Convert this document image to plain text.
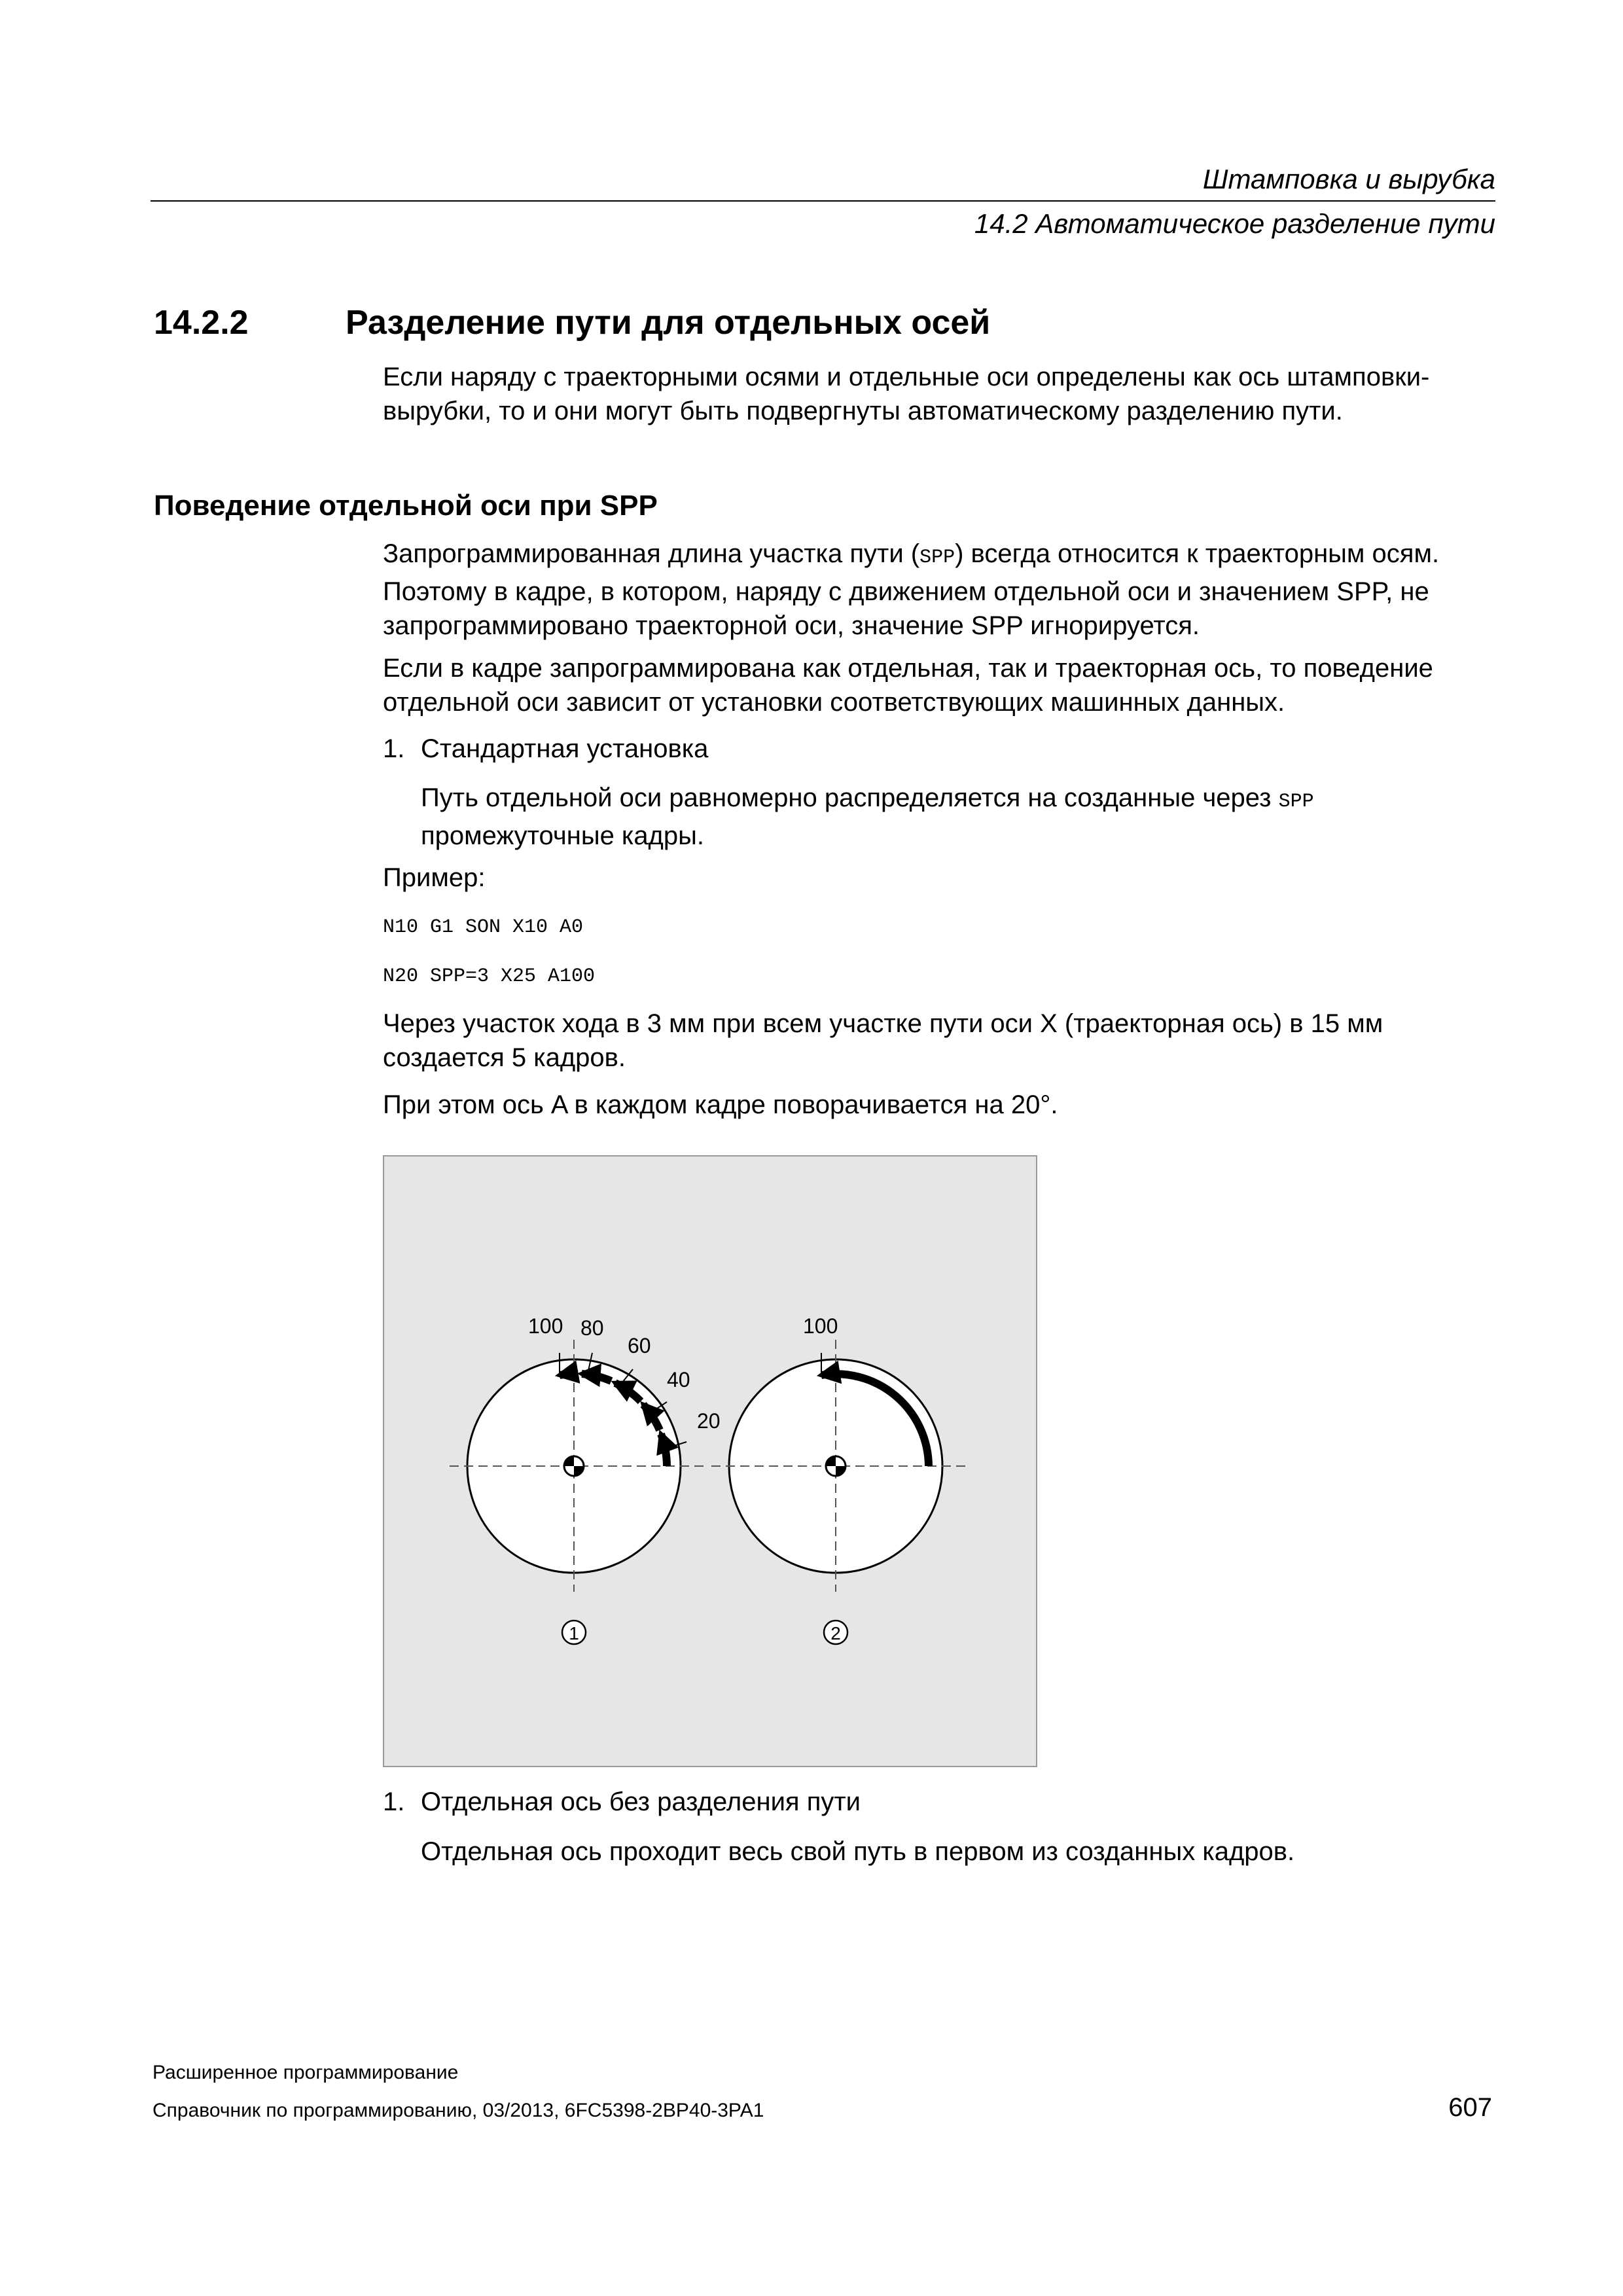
Штамповка и вырубка
14.2 Автоматическое разделение пути
14.2.2	Разделение пути для отдельных осей
Если наряду с траекторными осями и отдельные оси определены как ось штамповки-
вырубки, то и они могут быть подвергнуты автоматическому разделению пути.
Поведение отдельной оси при SPP
Запрограммированная длина участка пути (SPP) всегда относится к траекторным осям.
Поэтому в кадре, в котором, наряду с движением отдельной оси и значением SPP, не
запрограммировано траекторной оси, значение SPP игнорируется.
Если в кадре запрограммирована как отдельная, так и траекторная ось, то поведение
отдельной оси зависит от установки соответствующих машинных данных.
1. Стандартная установка
Путь отдельной оси равномерно распределяется на созданные через SPP
промежуточные кадры.
Пример:
N10 G1 SON X10 A0
N20 SPP=3 X25 A100
Через участок хода в 3 мм при всем участке пути оси X (траекторная ось) в 15 мм
создается 5 кадров.
При этом ось A в каждом кадре поворачивается на 20°.
100 80
60
40
20
1
100
2
1. Отдельная ось без разделения пути
Отдельная ось проходит весь свой путь в первом из созданных кадров.
Расширенное программирование
Справочник по программированию, 03/2013, 6FC5398-2BP40-3PA1	607
